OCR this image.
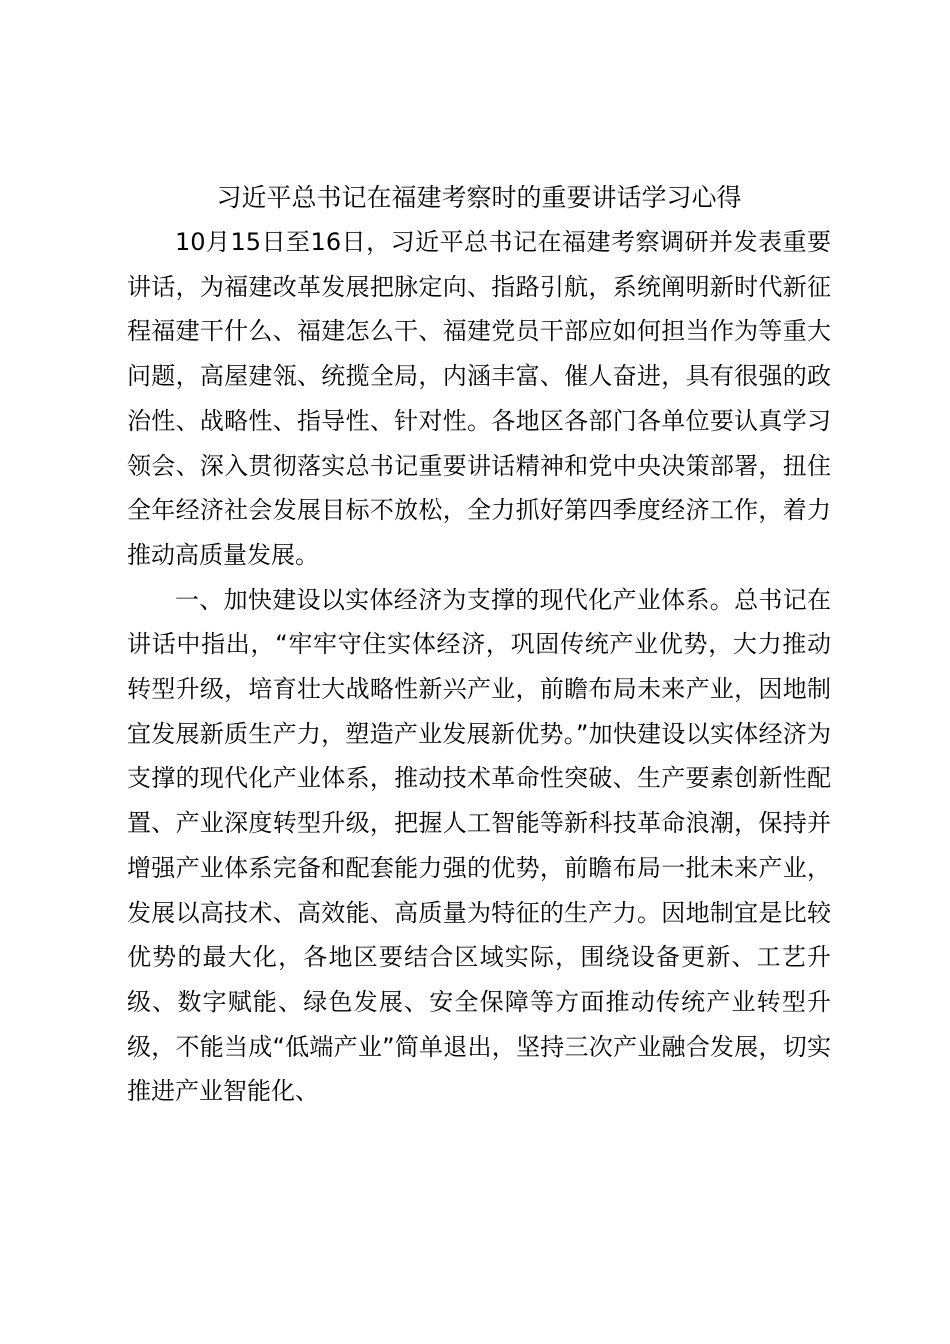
习近平总书记在福建考察时的重要讲话学习心得

10月15日至16日，习近平总书记在福建考察调研并发表重要讲话，为福建改革发展把脉定向、指路引航，系统阐明新时代新征程福建干什么、福建怎么干、福建党员干部应如何担当作为等重大问题，高屋建瓴、统揽全局，内涵丰富、催人奋进，具有很强的政治性、战略性、指导性、针对性。各地区各部门各单位要认真学习领会、深入贯彻落实总书记重要讲话精神和党中央决策部署，扭住全年经济社会发展目标不放松，全力抓好第四季度经济工作，着力推动高质量发展。

一、加快建设以实体经济为支撑的现代化产业体系。总书记在讲话中指出，“牢牢守住实体经济，巩固传统产业优势，大力推动转型升级，培育壮大战略性新兴产业，前瞻布局未来产业，因地制宜发展新质生产力，塑造产业发展新优势。”加快建设以实体经济为支撑的现代化产业体系，推动技术革命性突破、生产要素创新性配置、产业深度转型升级，把握人工智能等新科技革命浪潮，保持并增强产业体系完备和配套能力强的优势，前瞻布局一批未来产业，发展以高技术、高效能、高质量为特征的生产力。因地制宜是比较优势的最大化，各地区要结合区域实际，围绕设备更新、工艺升级、数字赋能、绿色发展、安全保障等方面推动传统产业转型升级，不能当成“低端产业”简单退出，坚持三次产业融合发展，切实推进产业智能化、
